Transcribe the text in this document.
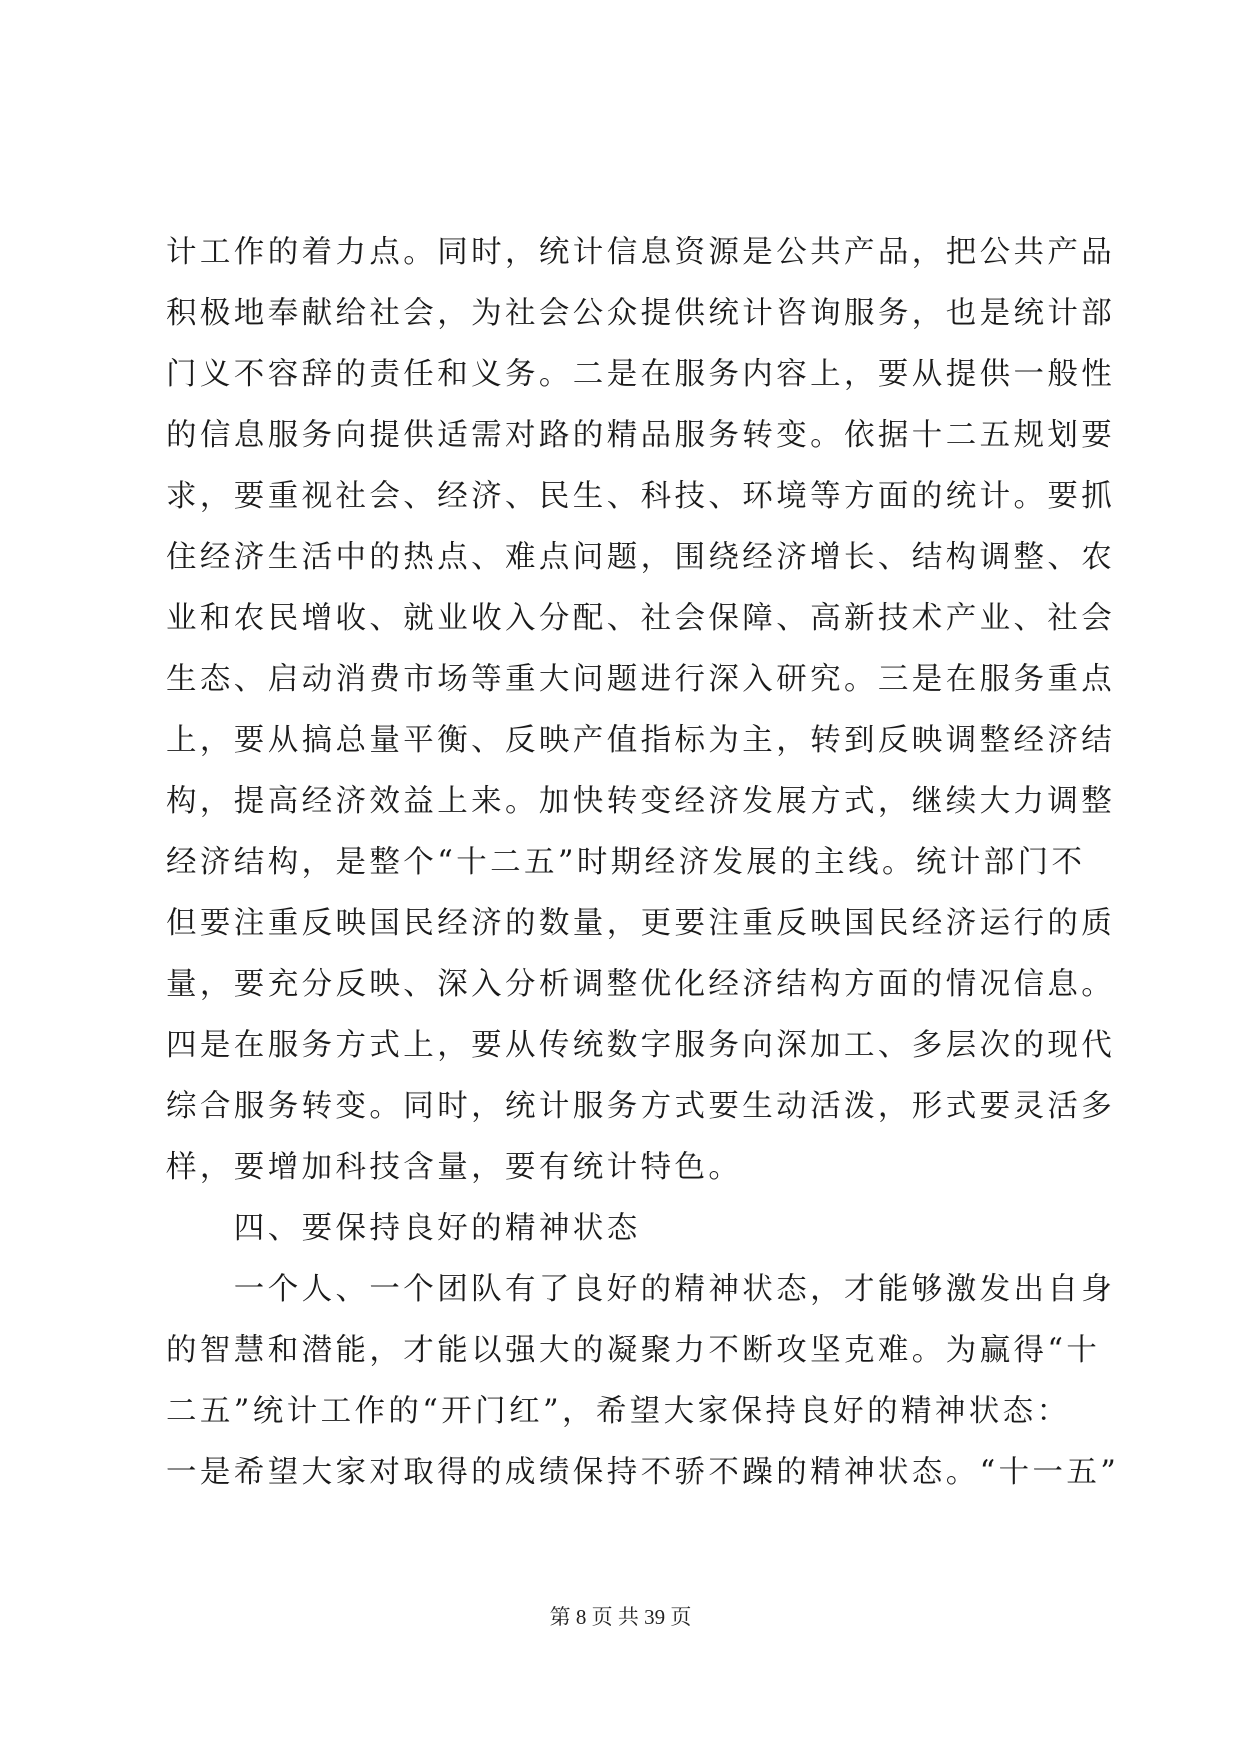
计工作的着力点。同时，统计信息资源是公共产品，把公共产品
积极地奉献给社会，为社会公众提供统计咨询服务，也是统计部
门义不容辞的责任和义务。二是在服务内容上，要从提供一般性
的信息服务向提供适需对路的精品服务转变。依据十二五规划要
求，要重视社会、经济、民生、科技、环境等方面的统计。要抓
住经济生活中的热点、难点问题，围绕经济增长、结构调整、农
业和农民增收、就业收入分配、社会保障、高新技术产业、社会
生态、启动消费市场等重大问题进行深入研究。三是在服务重点
上，要从搞总量平衡、反映产值指标为主，转到反映调整经济结
构，提高经济效益上来。加快转变经济发展方式，继续大力调整
经济结构，是整个“十二五”时期经济发展的主线。统计部门不
但要注重反映国民经济的数量，更要注重反映国民经济运行的质
量，要充分反映、深入分析调整优化经济结构方面的情况信息。
四是在服务方式上，要从传统数字服务向深加工、多层次的现代
综合服务转变。同时，统计服务方式要生动活泼，形式要灵活多
样，要增加科技含量，要有统计特色。
　　四、要保持良好的精神状态
　　一个人、一个团队有了良好的精神状态，才能够激发出自身
的智慧和潜能，才能以强大的凝聚力不断攻坚克难。为赢得“十
二五”统计工作的“开门红”，希望大家保持良好的精神状态：
一是希望大家对取得的成绩保持不骄不躁的精神状态。“十一五”
第 8 页 共 39 页
